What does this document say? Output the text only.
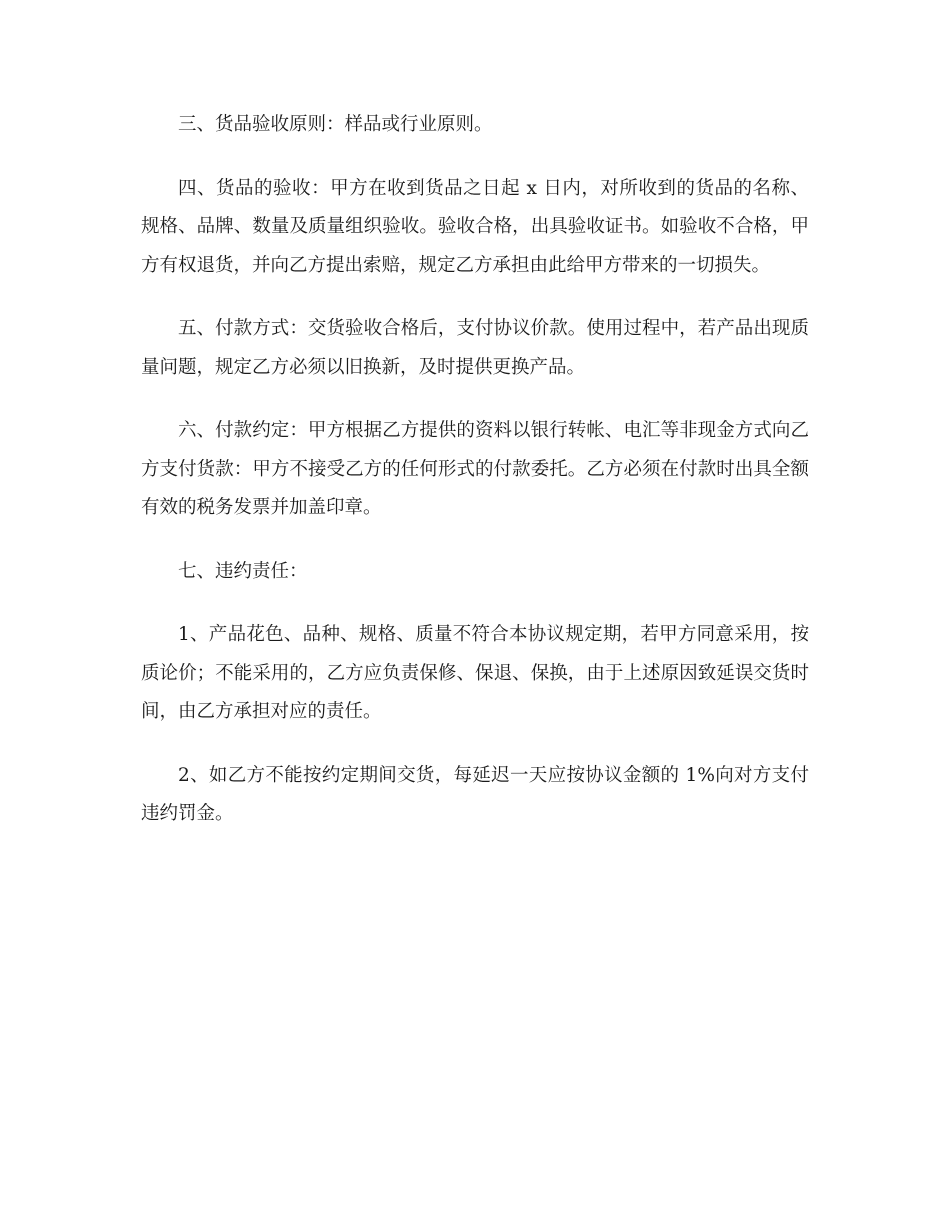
三、货品验收原则：样品或行业原则。

四、货品的验收：甲方在收到货品之日起 x 日内，对所收到的货品的名称、规格、品牌、数量及质量组织验收。验收合格，出具验收证书。如验收不合格，甲方有权退货，并向乙方提出索赔，规定乙方承担由此给甲方带来的一切损失。

五、付款方式：交货验收合格后，支付协议价款。使用过程中，若产品出现质量问题，规定乙方必须以旧换新，及时提供更换产品。

六、付款约定：甲方根据乙方提供的资料以银行转帐、电汇等非现金方式向乙方支付货款：甲方不接受乙方的任何形式的付款委托。乙方必须在付款时出具全额有效的税务发票并加盖印章。

七、违约责任：

1、产品花色、品种、规格、质量不符合本协议规定期，若甲方同意采用，按质论价；不能采用的，乙方应负责保修、保退、保换，由于上述原因致延误交货时间，由乙方承担对应的责任。

2、如乙方不能按约定期间交货，每延迟一天应按协议金额的 1%向对方支付违约罚金。
